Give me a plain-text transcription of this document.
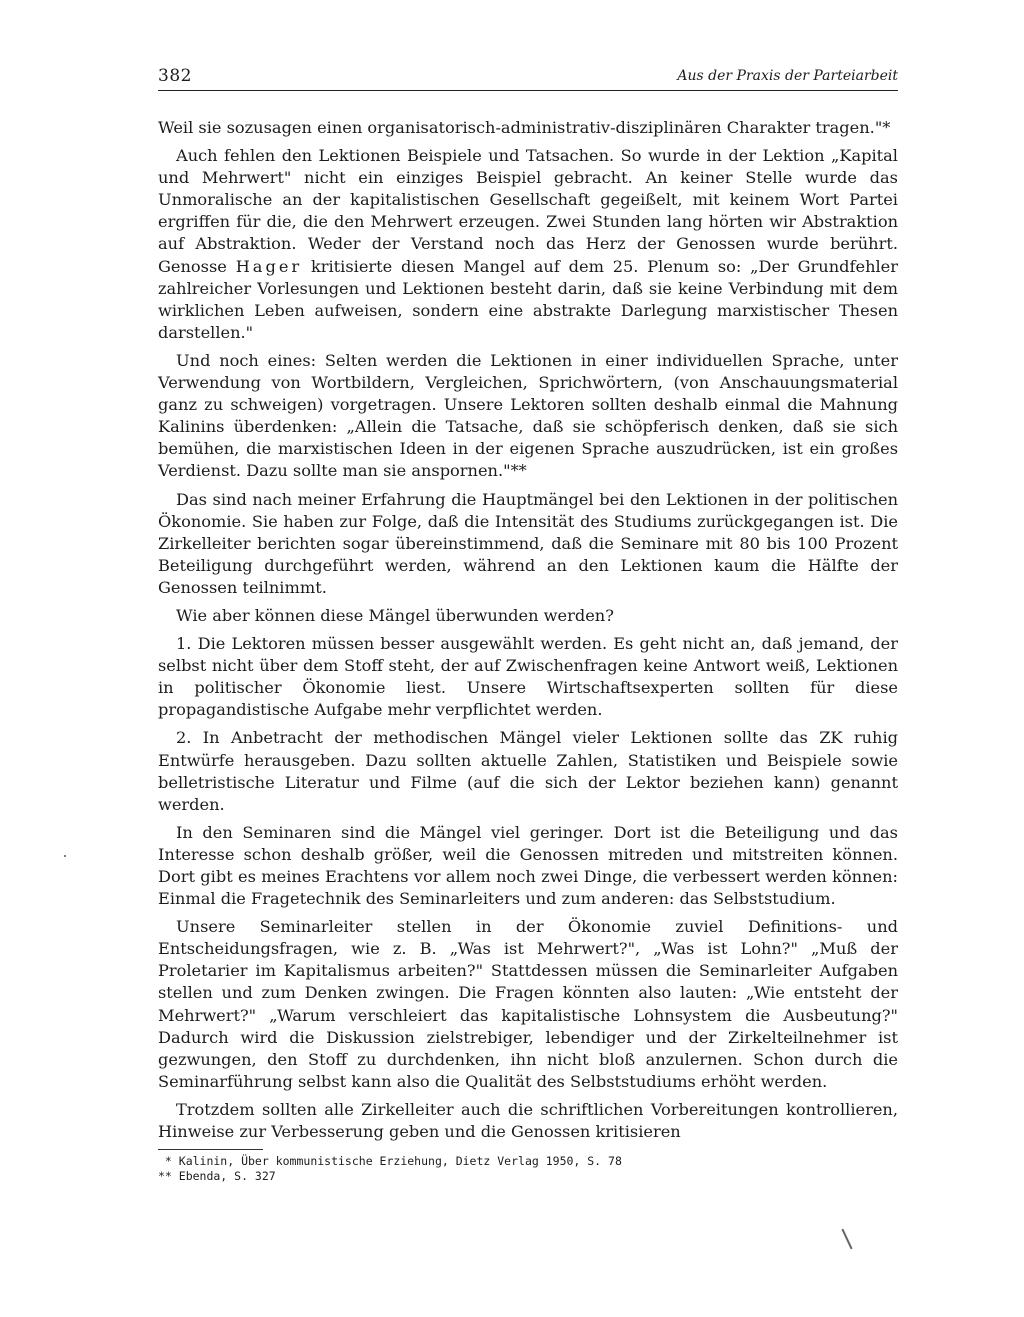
382	Aus der Praxis der Parteiarbeit

Weil sie sozusagen einen organisatorisch-administrativ-disziplinären Charakter tragen."*

Auch fehlen den Lektionen Beispiele und Tatsachen. So wurde in der Lektion „Kapital und Mehrwert" nicht ein einziges Beispiel gebracht. An keiner Stelle wurde das Unmoralische an der kapitalistischen Gesellschaft gegeißelt, mit keinem Wort Partei ergriffen für die, die den Mehrwert erzeugen. Zwei Stunden lang hörten wir Abstraktion auf Abstraktion. Weder der Verstand noch das Herz der Genossen wurde berührt. Genosse Hager kritisierte diesen Mangel auf dem 25. Plenum so: „Der Grundfehler zahlreicher Vorlesungen und Lektionen besteht darin, daß sie keine Verbindung mit dem wirklichen Leben aufweisen, sondern eine abstrakte Darlegung marxistischer Thesen darstellen."

Und noch eines: Selten werden die Lektionen in einer individuellen Sprache, unter Verwendung von Wortbildern, Vergleichen, Sprichwörtern, (von Anschauungsmaterial ganz zu schweigen) vorgetragen. Unsere Lektoren sollten deshalb einmal die Mahnung Kalinins überdenken: „Allein die Tatsache, daß sie schöpferisch denken, daß sie sich bemühen, die marxistischen Ideen in der eigenen Sprache auszudrücken, ist ein großes Verdienst. Dazu sollte man sie anspornen."**

Das sind nach meiner Erfahrung die Hauptmängel bei den Lektionen in der politischen Ökonomie. Sie haben zur Folge, daß die Intensität des Studiums zurückgegangen ist. Die Zirkelleiter berichten sogar übereinstimmend, daß die Seminare mit 80 bis 100 Prozent Beteiligung durchgeführt werden, während an den Lektionen kaum die Hälfte der Genossen teilnimmt.

Wie aber können diese Mängel überwunden werden?

1. Die Lektoren müssen besser ausgewählt werden. Es geht nicht an, daß jemand, der selbst nicht über dem Stoff steht, der auf Zwischenfragen keine Antwort weiß, Lektionen in politischer Ökonomie liest. Unsere Wirtschaftsexperten sollten für diese propagandistische Aufgabe mehr verpflichtet werden.

2. In Anbetracht der methodischen Mängel vieler Lektionen sollte das ZK ruhig Entwürfe herausgeben. Dazu sollten aktuelle Zahlen, Statistiken und Beispiele sowie belletristische Literatur und Filme (auf die sich der Lektor beziehen kann) genannt werden.

In den Seminaren sind die Mängel viel geringer. Dort ist die Beteiligung und das Interesse schon deshalb größer, weil die Genossen mitreden und mitstreiten können. Dort gibt es meines Erachtens vor allem noch zwei Dinge, die verbessert werden können: Einmal die Fragetechnik des Seminarleiters und zum anderen: das Selbststudium.

Unsere Seminarleiter stellen in der Ökonomie zuviel Definitions- und Entscheidungsfragen, wie z. B. „Was ist Mehrwert?", „Was ist Lohn?" „Muß der Proletarier im Kapitalismus arbeiten?" Stattdessen müssen die Seminarleiter Aufgaben stellen und zum Denken zwingen. Die Fragen könnten also lauten: „Wie entsteht der Mehrwert?" „Warum verschleiert das kapitalistische Lohnsystem die Ausbeutung?" Dadurch wird die Diskussion zielstrebiger, lebendiger und der Zirkelteilnehmer ist gezwungen, den Stoff zu durchdenken, ihn nicht bloß anzulernen. Schon durch die Seminarführung selbst kann also die Qualität des Selbststudiums erhöht werden.

Trotzdem sollten alle Zirkelleiter auch die schriftlichen Vorbereitungen kontrollieren, Hinweise zur Verbesserung geben und die Genossen kritisieren

* Kalinin, Über kommunistische Erziehung, Dietz Verlag 1950, S. 78
** Ebenda, S. 327
